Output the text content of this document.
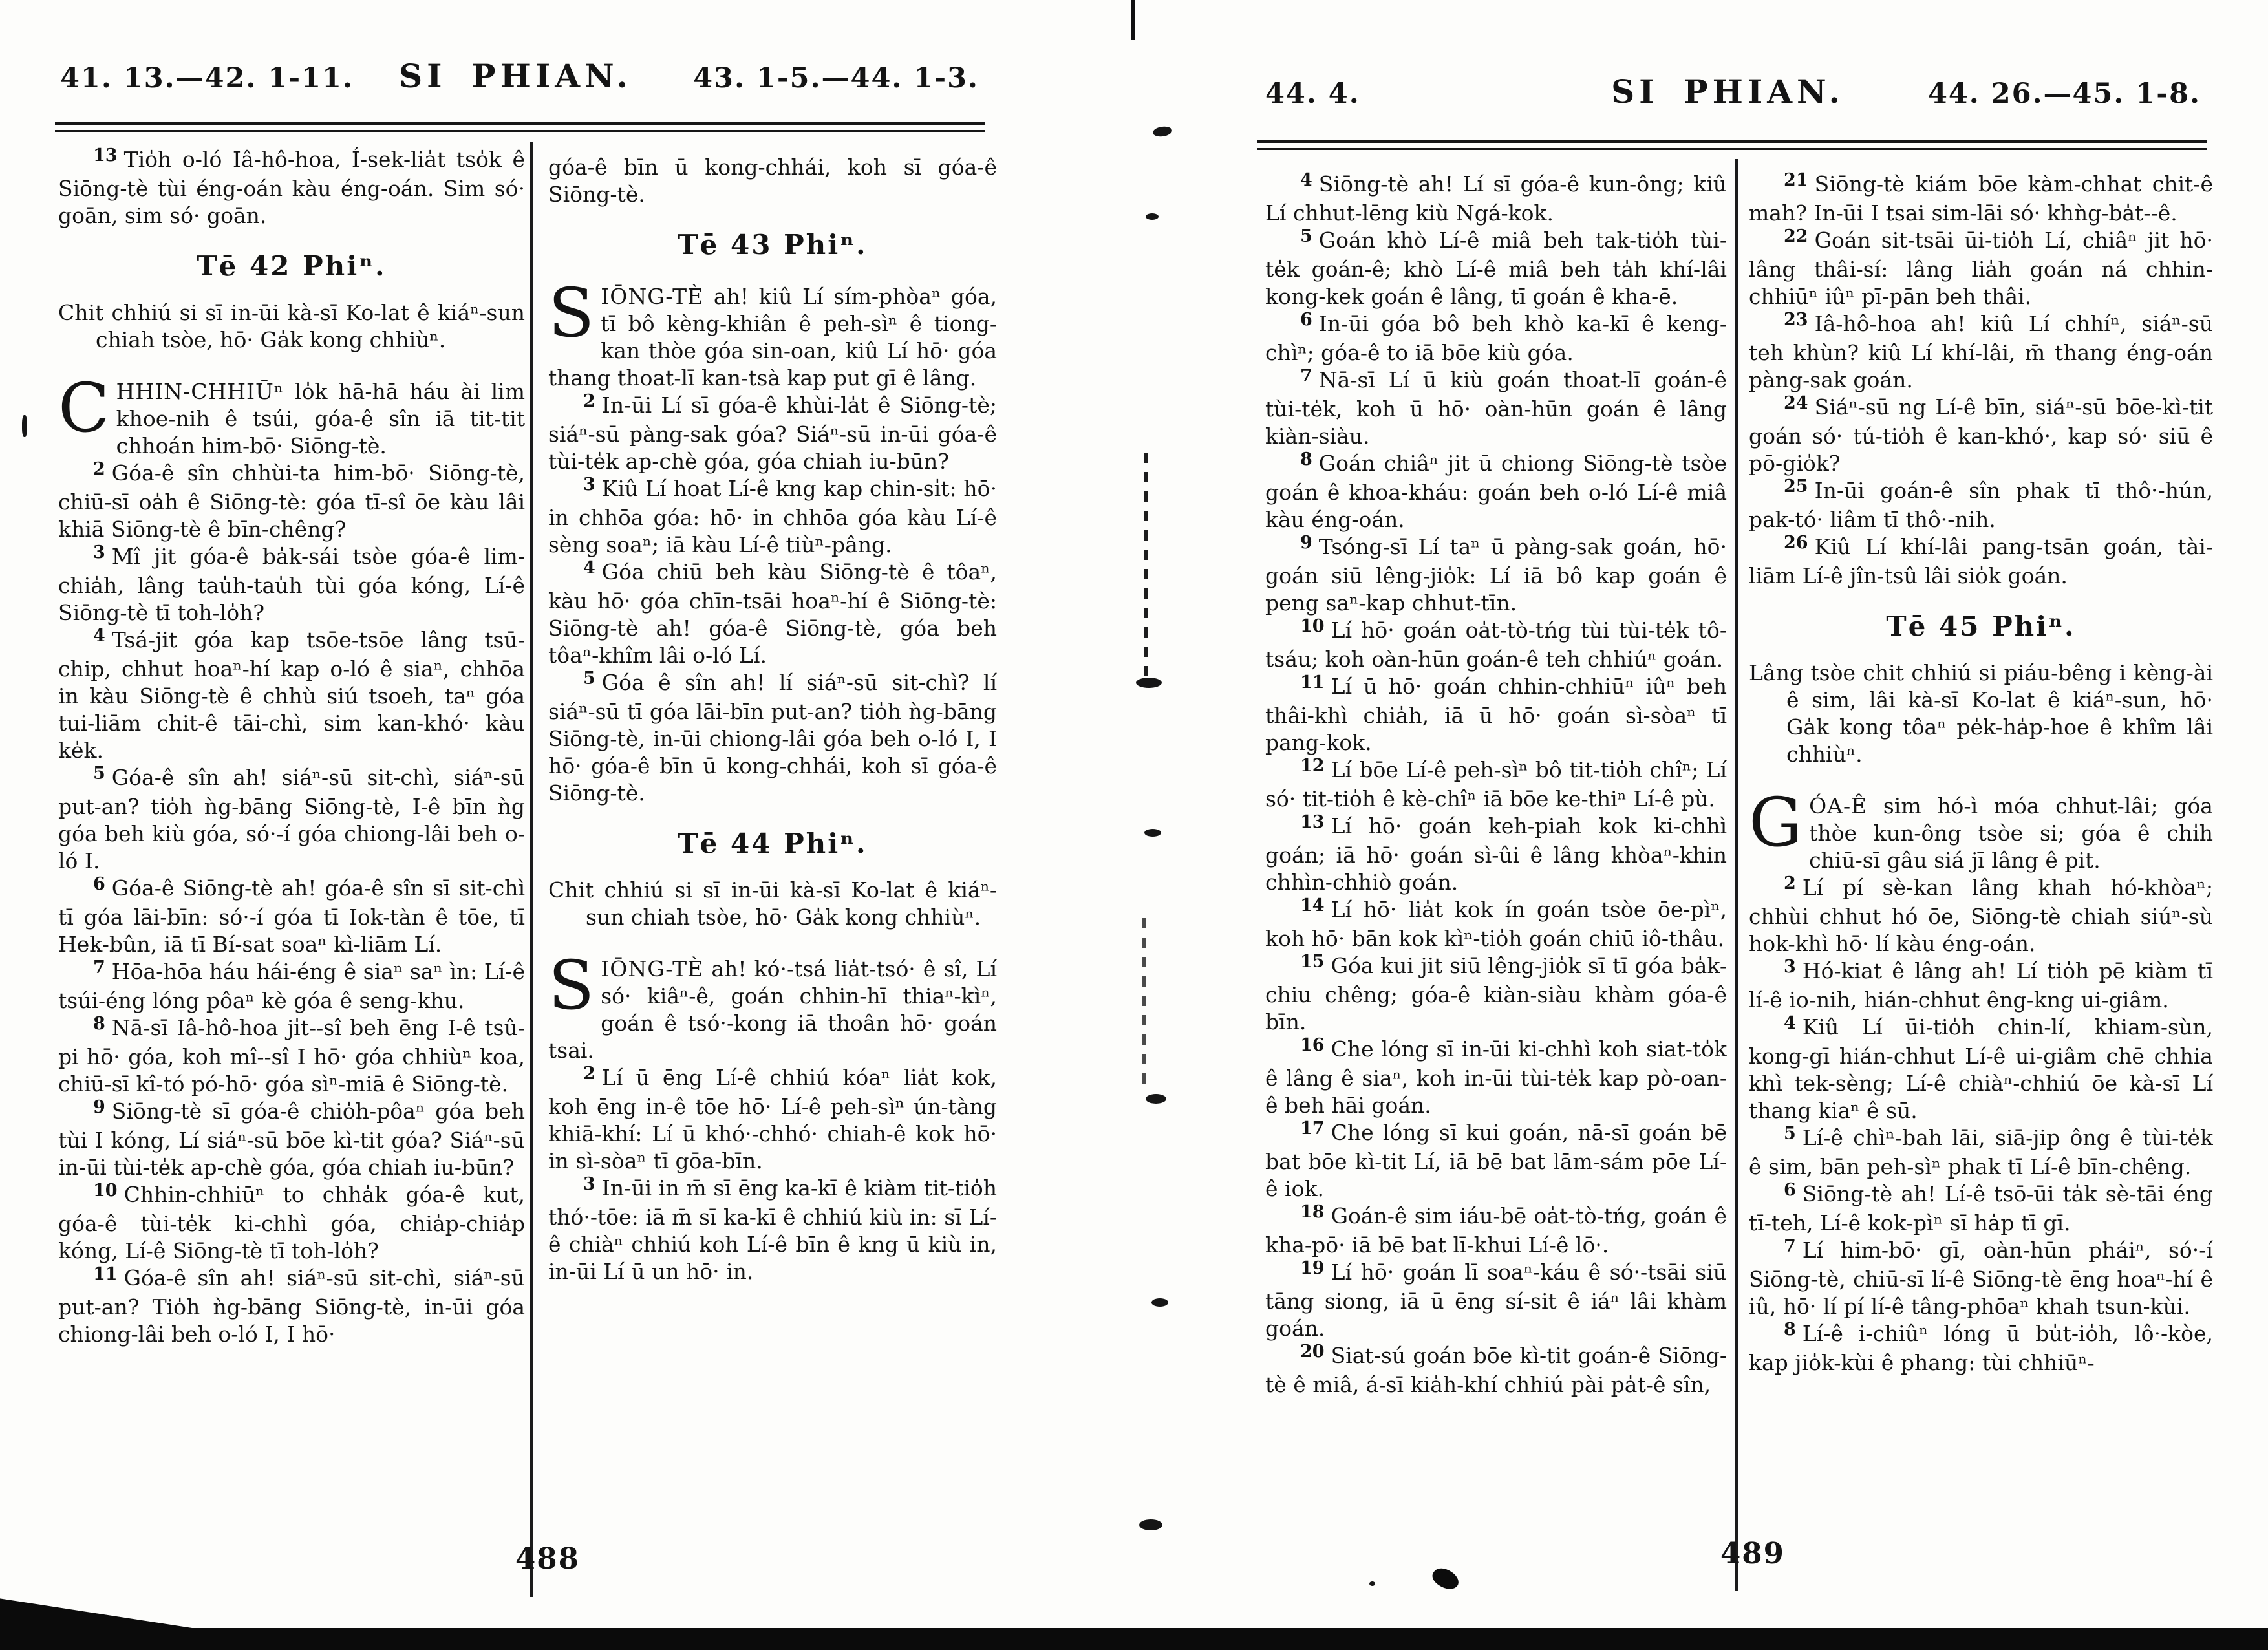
41. 13.—42. 1-11.	SI PHIAN.	43. 1-5.—44. 1-3.

$^{13}$ Tio̍h o-ló Iâ-hô-hoa, Í-sek-lia̍t tso̍k ê Siōng-tè tùi éng-oán kàu éng-oán. Sim só· goān, sim só· goān.

Tē 42 Phiⁿ.

Chit chhiú si sī in-ūi kà-sī Ko-lat ê kiáⁿ-sun chiah tsòe, hō· Ga̍k kong chhiùⁿ.

CHHIN-CHHIŪⁿ lo̍k hā-hā háu ài lim khoe-nih ê tsúi, góa-ê sîn iā tit-tit chhoán him-bō· Siōng-tè.

$^2$ Góa-ê sîn chhùi-ta him-bō· Siōng-tè, chiū-sī oa̍h ê Siōng-tè: góa tī-sî ōe kàu lâi khiā Siōng-tè ê bīn-chêng?

$^3$ Mî jit góa-ê ba̍k-sái tsòe góa-ê lim-chia̍h, lâng tau̍h-tau̍h tùi góa kóng, Lí-ê Siōng-tè tī toh-lo̍h?

$^4$ Tsá-jit góa kap tsōe-tsōe lâng tsū-chip, chhut hoaⁿ-hí kap o-ló ê siaⁿ, chhōa in kàu Siōng-tè ê chhù siú tsoeh, taⁿ góa tui-liām chit-ê tāi-chì, sim kan-khó· kàu ke̍k.

$^5$ Góa-ê sîn ah! siáⁿ-sū sit-chì, siáⁿ-sū put-an? tio̍h ǹg-bāng Siōng-tè, I-ê bīn ǹg góa beh kiù góa, só·-í góa chiong-lâi beh o-ló I.

$^6$ Góa-ê Siōng-tè ah! góa-ê sîn sī sit-chì tī góa lāi-bīn: só·-í góa tī Iok-tàn ê tōe, tī Hek-bûn, iā tī Bí-sat soaⁿ kì-liām Lí.

$^7$ Hōa-hōa háu hái-éng ê siaⁿ saⁿ ìn: Lí-ê tsúi-éng lóng pôaⁿ kè góa ê seng-khu.

$^8$ Nā-sī Iâ-hô-hoa ji̍t--sî beh ēng I-ê tsû-pi hō· góa, koh mî--sî I hō· góa chhiùⁿ koa, chiū-sī kî-tó pó-hō· góa sìⁿ-miā ê Siōng-tè.

$^9$ Siōng-tè sī góa-ê chio̍h-pôaⁿ góa beh tùi I kóng, Lí siáⁿ-sū bōe kì-tit góa? Siáⁿ-sū in-ūi tùi-te̍k ap-chè góa, góa chiah iu-būn?

$^{10}$ Chhin-chhiūⁿ to chha̍k góa-ê kut, góa-ê tùi-te̍k ki-chhì góa, chia̍p-chia̍p kóng, Lí-ê Siōng-tè tī toh-lo̍h?

$^{11}$ Góa-ê sîn ah! siáⁿ-sū sit-chì, siáⁿ-sū put-an? Tio̍h ǹg-bāng Siōng-tè, in-ūi góa chiong-lâi beh o-ló I, I hō·

góa-ê bīn ū kong-chhái, koh sī góa-ê Siōng-tè.

Tē 43 Phiⁿ.

SIŌNG-TÈ ah! kiû Lí sím-phòaⁿ góa, tī bô kèng-khiân ê peh-sìⁿ ê tiong-kan thòe góa sin-oan, kiû Lí hō· góa thang thoat-lī kan-tsà kap put gī ê lâng.

$^2$ In-ūi Lí sī góa-ê khùi-la̍t ê Siōng-tè; siáⁿ-sū pàng-sak góa? Siáⁿ-sū in-ūi góa-ê tùi-te̍k ap-chè góa, góa chiah iu-būn?

$^3$ Kiû Lí hoat Lí-ê kng kap chin-si̍t: hō· in chhōa góa: hō· in chhōa góa kàu Lí-ê sèng soaⁿ; iā kàu Lí-ê tiùⁿ-pâng.

$^4$ Góa chiū beh kàu Siōng-tè ê tôaⁿ, kàu hō· góa chīn-tsāi hoaⁿ-hí ê Siōng-tè: Siōng-tè ah! góa-ê Siōng-tè, góa beh tôaⁿ-khîm lâi o-ló Lí.

$^5$ Góa ê sîn ah! lí siáⁿ-sū sit-chì? lí siáⁿ-sū tī góa lāi-bīn put-an? tio̍h ǹg-bāng Siōng-tè, in-ūi chiong-lâi góa beh o-ló I, I hō· góa-ê bīn ū kong-chhái, koh sī góa-ê Siōng-tè.

Tē 44 Phiⁿ.

Chit chhiú si sī in-ūi kà-sī Ko-lat ê kiáⁿ-sun chiah tsòe, hō· Ga̍k kong chhiùⁿ.

SIŌNG-TÈ ah! kó·-tsá lia̍t-tsó· ê sî, Lí só· kiâⁿ-ê, goán chhin-hī thiaⁿ-kìⁿ, goán ê tsó·-kong iā thoân hō· goán tsai.

$^2$ Lí ū ēng Lí-ê chhiú kóaⁿ lia̍t kok, koh ēng in-ê tōe hō· Lí-ê peh-sìⁿ ún-tàng khiā-khí: Lí ū khó·-chhó· chiah-ê kok hō· in sì-sòaⁿ tī gōa-bīn.

$^3$ In-ūi in m̄ sī ēng ka-kī ê kiàm tit-tio̍h thó·-tōe: iā m̄ sī ka-kī ê chhiú kiù in: sī Lí-ê chiàⁿ chhiú koh Lí-ê bīn ê kng ū kiù in, in-ūi Lí ū un hō· in.

488
44. 4.	SI PHIAN.	44. 26.—45. 1-8.

$^4$ Siōng-tè ah! Lí sī góa-ê kun-ông; kiû Lí chhut-lēng kiù Ngá-kok.

$^5$ Goán khò Lí-ê miâ beh tak-tio̍h tùi-te̍k goán-ê; khò Lí-ê miâ beh ta̍h khí-lâi kong-kek goán ê lâng, tī goán ê kha-ē.

$^6$ In-ūi góa bô beh khò ka-kī ê keng-chìⁿ; góa-ê to iā bōe kiù góa.

$^7$ Nā-sī Lí ū kiù goán thoat-lī goán-ê tùi-te̍k, koh ū hō· oàn-hūn goán ê lâng kiàn-siàu.

$^8$ Goán chiâⁿ jit ū chiong Siōng-tè tsòe goán ê khoa-kháu: goán beh o-ló Lí-ê miâ kàu éng-oán.

$^9$ Tsóng-sī Lí taⁿ ū pàng-sak goán, hō· goán siū lêng-jio̍k: Lí iā bô kap goán ê peng saⁿ-kap chhut-tīn.

$^{10}$ Lí hō· goán oa̍t-tò-tńg tùi tùi-te̍k tô-tsáu; koh oàn-hūn goán-ê teh chhiúⁿ goán.

$^{11}$ Lí ū hō· goán chhin-chhiūⁿ iûⁿ beh thâi-khì chia̍h, iā ū hō· goán sì-sòaⁿ tī pang-kok.

$^{12}$ Lí bōe Lí-ê peh-sìⁿ bô tit-tio̍h chîⁿ; Lí só· tit-tio̍h ê kè-chîⁿ iā bōe ke-thiⁿ Lí-ê pù.

$^{13}$ Lí hō· goán keh-piah kok ki-chhì goán; iā hō· goán sì-ûi ê lâng khòaⁿ-khin chhìn-chhiò goán.

$^{14}$ Lí hō· lia̍t kok ín goán tsòe ōe-pìⁿ, koh hō· bān kok kìⁿ-tio̍h goán chiū iô-thâu.

$^{15}$ Góa kui jit siū lêng-jio̍k sī tī góa ba̍k-chiu chêng; góa-ê kiàn-siàu khàm góa-ê bīn.

$^{16}$ Che lóng sī in-ūi ki-chhì koh siat-to̍k ê lâng ê siaⁿ, koh in-ūi tùi-te̍k kap pò-oan-ê beh hāi goán.

$^{17}$ Che lóng sī kui goán, nā-sī goán bē bat bōe kì-tit Lí, iā bē bat lām-sám pōe Lí-ê iok.

$^{18}$ Goán-ê sim iáu-bē oa̍t-tò-tńg, goán ê kha-pō· iā bē bat lī-khui Lí-ê lō·.

$^{19}$ Lí hō· goán lī soaⁿ-káu ê só·-tsāi siū tāng siong, iā ū ēng sí-sit ê iáⁿ lâi khàm goán.

$^{20}$ Siat-sú goán bōe kì-tit goán-ê Siōng-tè ê miâ, á-sī kia̍h-khí chhiú pài pa̍t-ê sîn,

$^{21}$ Siōng-tè kiám bōe kàm-chhat chit-ê mah? In-ūi I tsai sim-lāi só· khǹg-ba̍t--ê.

$^{22}$ Goán sit-tsāi ūi-tio̍h Lí, chiâⁿ jit hō· lâng thâi-sí: lâng lia̍h goán ná chhin-chhiūⁿ iûⁿ pī-pān beh thâi.

$^{23}$ Iâ-hô-hoa ah! kiû Lí chhíⁿ, siáⁿ-sū teh khùn? kiû Lí khí-lâi, m̄ thang éng-oán pàng-sak goán.

$^{24}$ Siáⁿ-sū ng Lí-ê bīn, siáⁿ-sū bōe-kì-tit goán só· tú-tio̍h ê kan-khó·, kap só· siū ê pō-gio̍k?

$^{25}$ In-ūi goán-ê sîn phak tī thô·-hún, pak-tó· liâm tī thô·-nih.

$^{26}$ Kiû Lí khí-lâi pang-tsān goán, tài-liām Lí-ê jîn-tsû lâi sio̍k goán.

Tē 45 Phiⁿ.

Lâng tsòe chit chhiú si piáu-bêng i kèng-ài ê sim, lâi kà-sī Ko-lat ê kiáⁿ-sun, hō· Ga̍k kong tôaⁿ pe̍k-ha̍p-hoe ê khîm lâi chhiùⁿ.

GÓA-Ê sim hó-ì móa chhut-lâi; góa thòe kun-ông tsòe si; góa ê chi̍h chiū-sī gâu siá jī lâng ê pit.

$^2$ Lí pí sè-kan lâng khah hó-khòaⁿ; chhùi chhut hó ōe, Siōng-tè chiah siúⁿ-sù hok-khì hō· lí kàu éng-oán.

$^3$ Hó-kiat ê lâng ah! Lí tio̍h pē kiàm tī lí-ê io-nih, hián-chhut êng-kng ui-giâm.

$^4$ Kiû Lí ūi-tio̍h chin-lí, khiam-sùn, kong-gī hián-chhut Lí-ê ui-giâm chē chhia khì tek-sèng; Lí-ê chiàⁿ-chhiú ōe kà-sī Lí thang kiaⁿ ê sū.

$^5$ Lí-ê chìⁿ-bah lāi, siā-jip ông ê tùi-te̍k ê sim, bān peh-sìⁿ phak tī Lí-ê bīn-chêng.

$^6$ Siōng-tè ah! Lí-ê tsō-ūi ta̍k sè-tāi éng tī-teh, Lí-ê kok-pìⁿ sī ha̍p tī gī.

$^7$ Lí him-bō· gī, oàn-hūn pháiⁿ, só·-í Siōng-tè, chiū-sī lí-ê Siōng-tè ēng hoaⁿ-hí ê iû, hō· lí pí lí-ê tâng-phōaⁿ khah tsun-kùi.

$^8$ Lí-ê i-chiûⁿ lóng ū bu̍t-io̍h, lô·-kòe, kap jio̍k-kùi ê phang: tùi chhiūⁿ-

489
